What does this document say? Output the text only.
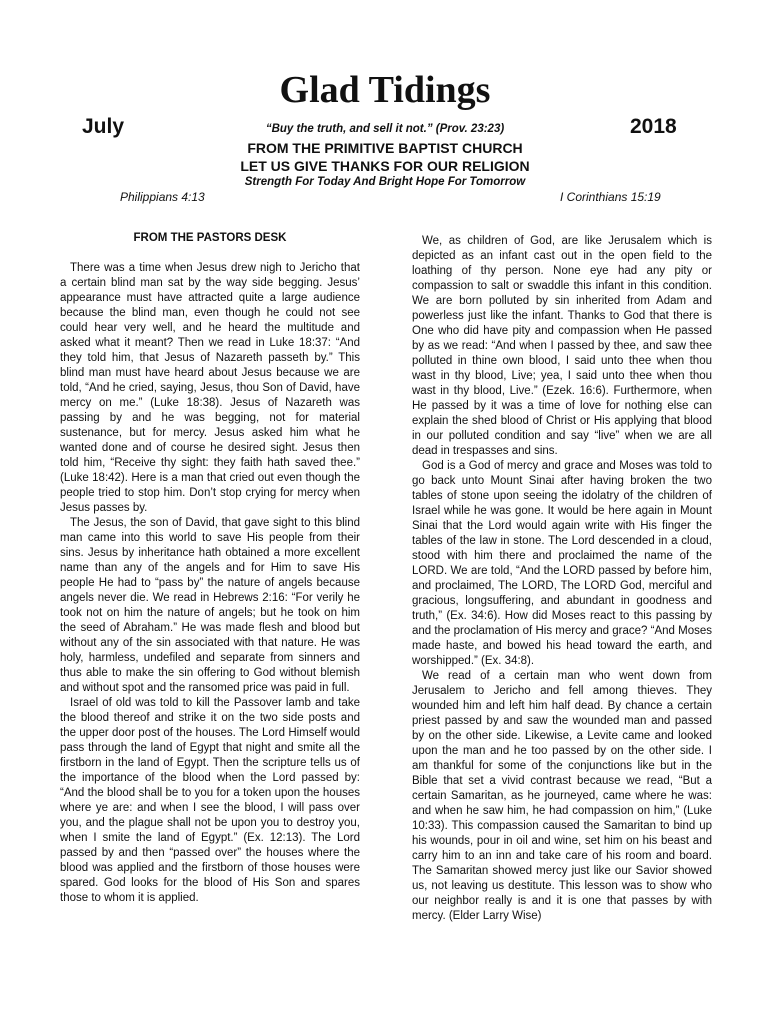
Glad Tidings
July	“Buy the truth, and sell it not.” (Prov. 23:23)	2018
FROM THE PRIMITIVE BAPTIST CHURCH
LET US GIVE THANKS FOR OUR RELIGION
Strength For Today And Bright Hope For Tomorrow
Philippians 4:13	I Corinthians 15:19
FROM THE PASTORS DESK

There was a time when Jesus drew nigh to Jericho that a certain blind man sat by the way side begging. Jesus’ appearance must have attracted quite a large audience because the blind man, even though he could not see could hear very well, and he heard the multitude and asked what it meant? Then we read in Luke 18:37: “And they told him, that Jesus of Nazareth passeth by.” This blind man must have heard about Jesus because we are told, “And he cried, saying, Jesus, thou Son of David, have mercy on me.” (Luke 18:38). Jesus of Nazareth was passing by and he was begging, not for material sustenance, but for mercy. Jesus asked him what he wanted done and of course he desired sight. Jesus then told him, “Receive thy sight: they faith hath saved thee.” (Luke 18:42). Here is a man that cried out even though the people tried to stop him. Don’t stop crying for mercy when Jesus passes by.

The Jesus, the son of David, that gave sight to this blind man came into this world to save His people from their sins. Jesus by inheritance hath obtained a more excellent name than any of the angels and for Him to save His people He had to “pass by” the nature of angels because angels never die. We read in Hebrews 2:16: “For verily he took not on him the nature of angels; but he took on him the seed of Abraham.” He was made flesh and blood but without any of the sin associated with that nature. He was holy, harmless, undefiled and separate from sinners and thus able to make the sin offering to God without blemish and without spot and the ransomed price was paid in full.

Israel of old was told to kill the Passover lamb and take the blood thereof and strike it on the two side posts and the upper door post of the houses. The Lord Himself would pass through the land of Egypt that night and smite all the firstborn in the land of Egypt. Then the scripture tells us of the importance of the blood when the Lord passed by: “And the blood shall be to you for a token upon the houses where ye are: and when I see the blood, I will pass over you, and the plague shall not be upon you to destroy you, when I smite the land of Egypt.” (Ex. 12:13). The Lord passed by and then “passed over” the houses where the blood was applied and the firstborn of those houses were spared. God looks for the blood of His Son and spares those to whom it is applied.

We, as children of God, are like Jerusalem which is depicted as an infant cast out in the open field to the loathing of thy person. None eye had any pity or compassion to salt or swaddle this infant in this condition. We are born polluted by sin inherited from Adam and powerless just like the infant. Thanks to God that there is One who did have pity and compassion when He passed by as we read: “And when I passed by thee, and saw thee polluted in thine own blood, I said unto thee when thou wast in thy blood, Live; yea, I said unto thee when thou wast in thy blood, Live.” (Ezek. 16:6). Furthermore, when He passed by it was a time of love for nothing else can explain the shed blood of Christ or His applying that blood in our polluted condition and say “live” when we are all dead in trespasses and sins.

God is a God of mercy and grace and Moses was told to go back unto Mount Sinai after having broken the two tables of stone upon seeing the idolatry of the children of Israel while he was gone. It would be here again in Mount Sinai that the Lord would again write with His finger the tables of the law in stone. The Lord descended in a cloud, stood with him there and proclaimed the name of the LORD. We are told, “And the LORD passed by before him, and proclaimed, The LORD, The LORD God, merciful and gracious, longsuffering, and abundant in goodness and truth,” (Ex. 34:6). How did Moses react to this passing by and the proclamation of His mercy and grace? “And Moses made haste, and bowed his head toward the earth, and worshipped.” (Ex. 34:8).

We read of a certain man who went down from Jerusalem to Jericho and fell among thieves. They wounded him and left him half dead. By chance a certain priest passed by and saw the wounded man and passed by on the other side. Likewise, a Levite came and looked upon the man and he too passed by on the other side. I am thankful for some of the conjunctions like but in the Bible that set a vivid contrast because we read, “But a certain Samaritan, as he journeyed, came where he was: and when he saw him, he had compassion on him,” (Luke 10:33). This compassion caused the Samaritan to bind up his wounds, pour in oil and wine, set him on his beast and carry him to an inn and take care of his room and board. The Samaritan showed mercy just like our Savior showed us, not leaving us destitute. This lesson was to show who our neighbor really is and it is one that passes by with mercy. (Elder Larry Wise)
